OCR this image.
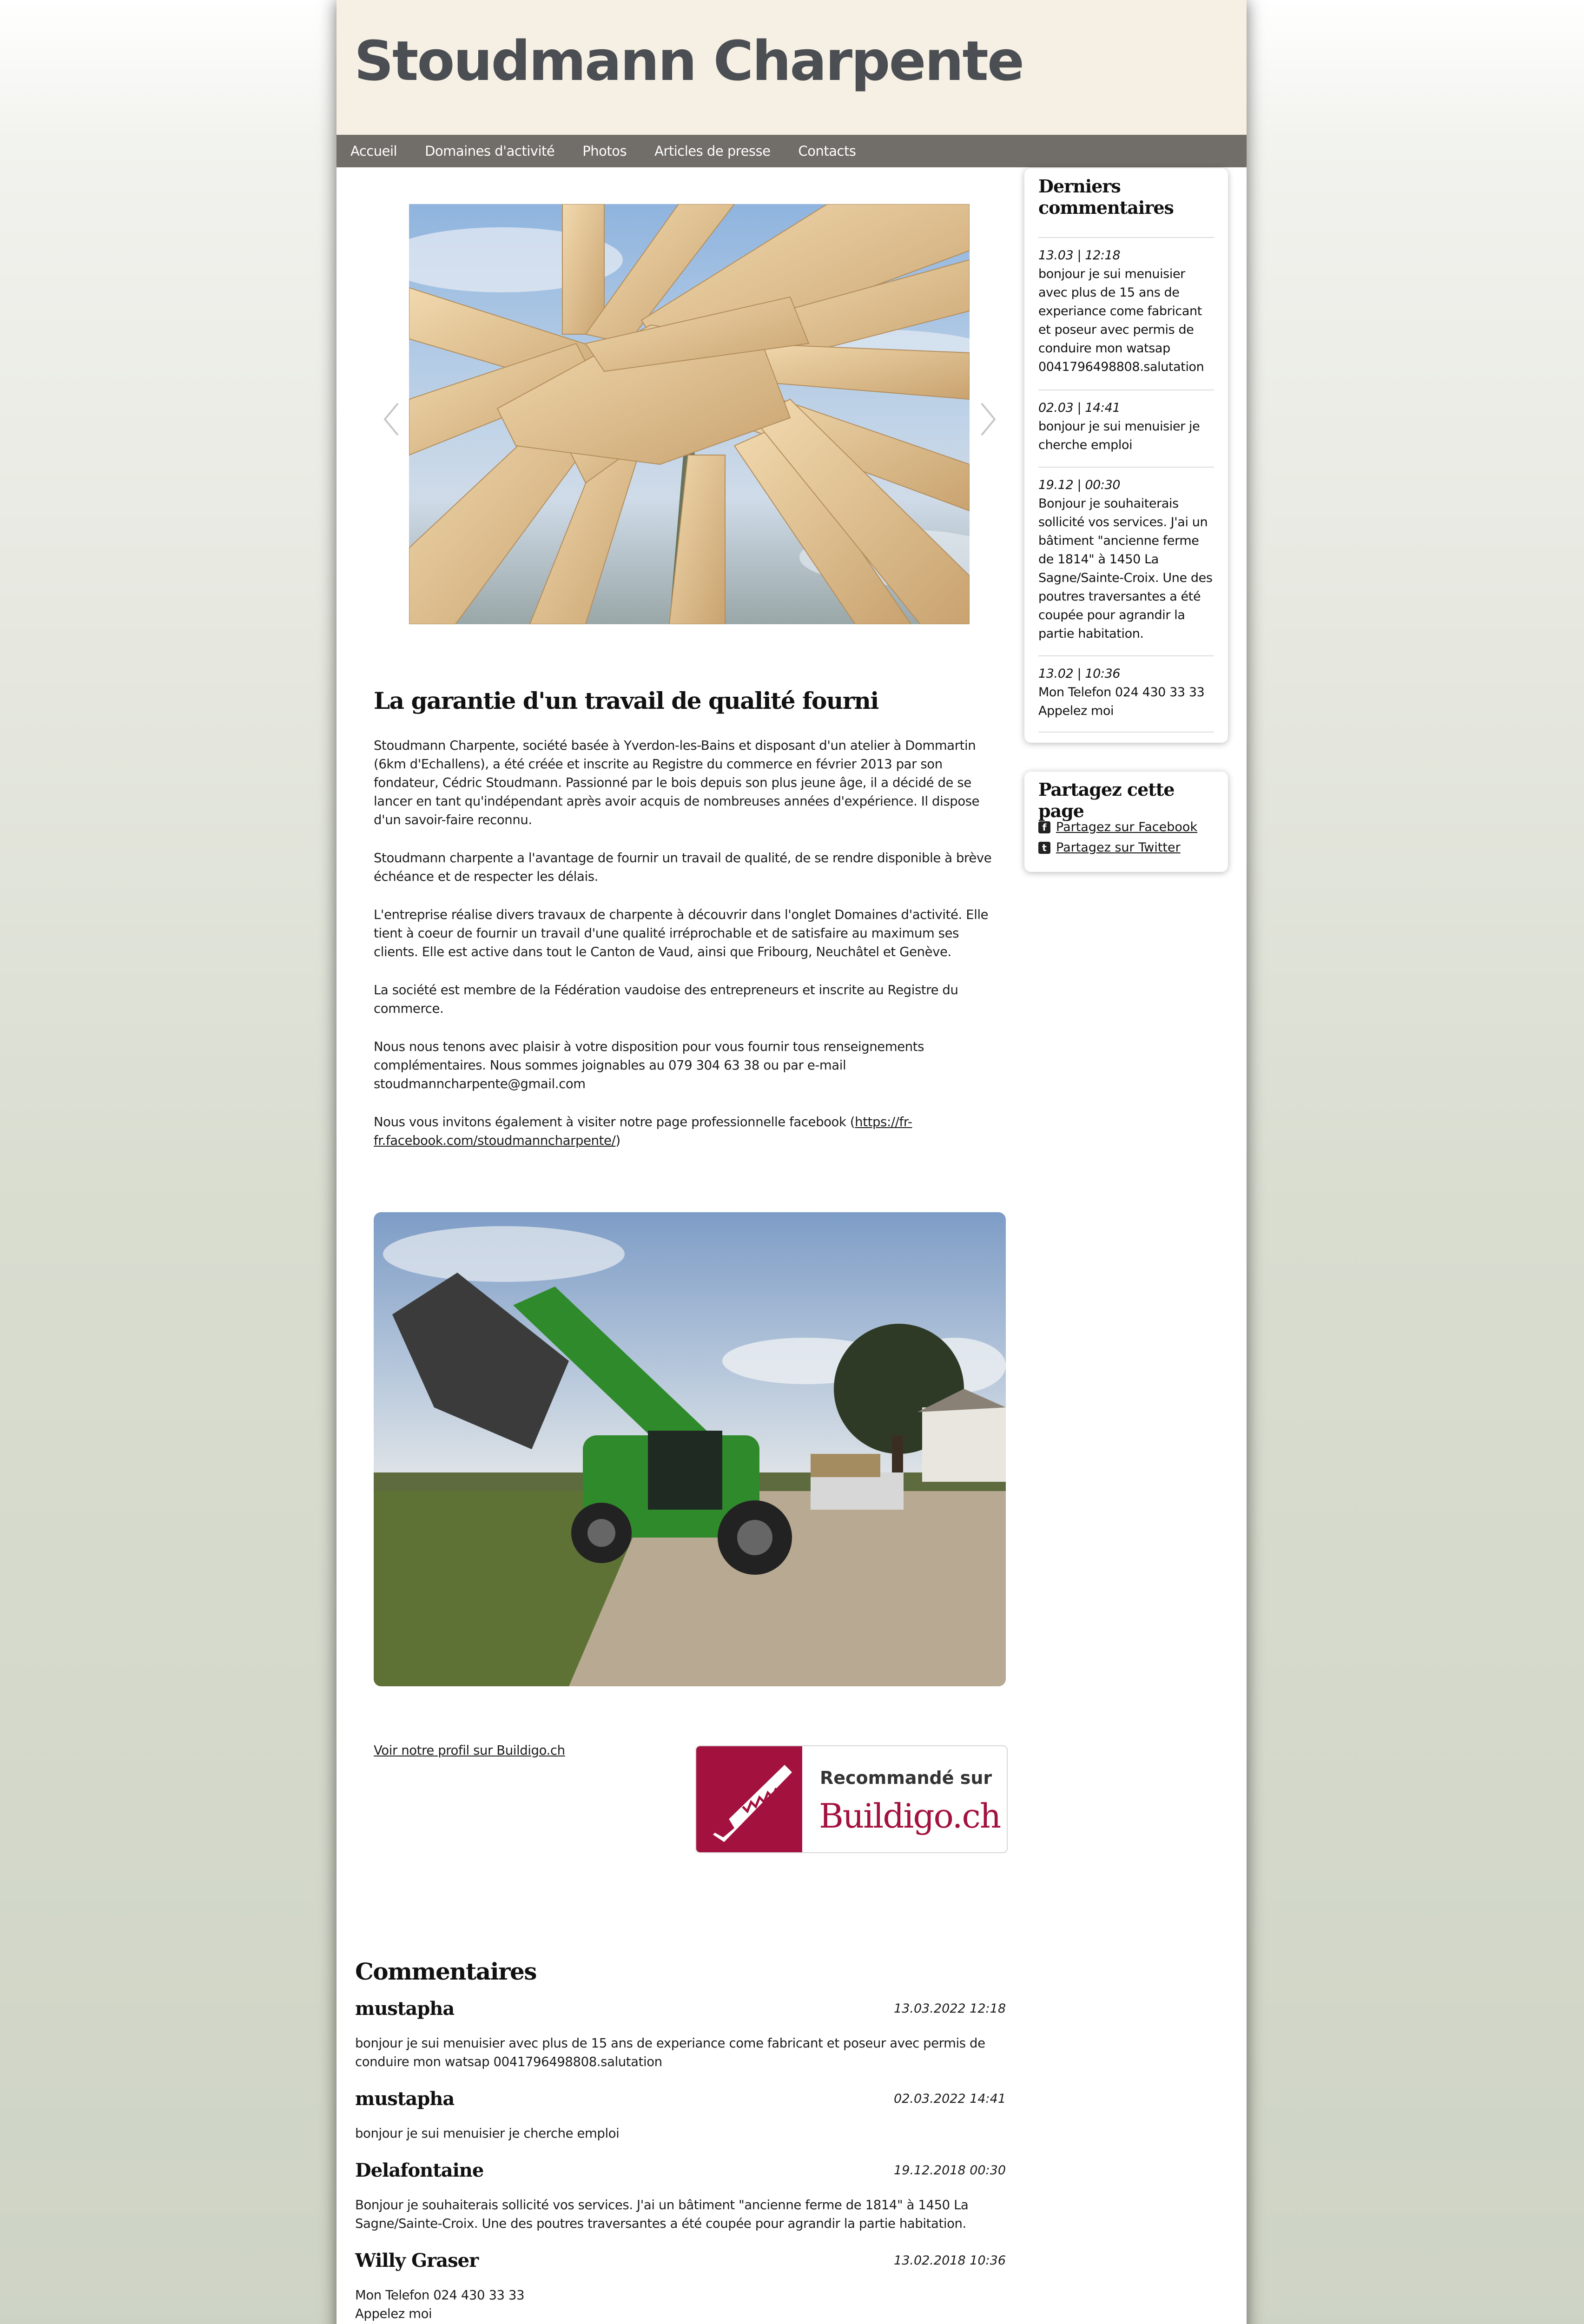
Stoudmann Charpente
Accueil Domaines d'activité Photos Articles de presse Contacts
La garantie d'un travail de qualité fourni

Stoudmann Charpente, société basée à Yverdon-les-Bains et disposant d'un atelier à Dommartin (6km d'Echallens), a été créée et inscrite au Registre du commerce en février 2013 par son fondateur, Cédric Stoudmann. Passionné par le bois depuis son plus jeune âge, il a décidé de se lancer en tant qu'indépendant après avoir acquis de nombreuses années d'expérience. Il dispose d'un savoir-faire reconnu.

Stoudmann charpente a l'avantage de fournir un travail de qualité, de se rendre disponible à brève échéance et de respecter les délais.

L'entreprise réalise divers travaux de charpente à découvrir dans l'onglet Domaines d'activité. Elle tient à coeur de fournir un travail d'une qualité irréprochable et de satisfaire au maximum ses clients. Elle est active dans tout le Canton de Vaud, ainsi que Fribourg, Neuchâtel et Genève.

La société est membre de la Fédération vaudoise des entrepreneurs et inscrite au Registre du commerce.

Nous nous tenons avec plaisir à votre disposition pour vous fournir tous renseignements complémentaires. Nous sommes joignables au 079 304 63 38 ou par e-mail stoudmanncharpente@gmail.com

Nous vous invitons également à visiter notre page professionnelle facebook (https://fr-fr.facebook.com/stoudmanncharpente/)

Voir notre profil sur Buildigo.ch
Recommandé sur
Buildigo.ch
Commentaires
mustapha	13.03.2022 12:18
bonjour je sui menuisier avec plus de 15 ans de experiance come fabricant et poseur avec permis de conduire mon watsap 0041796498808.salutation
mustapha	02.03.2022 14:41
bonjour je sui menuisier je cherche emploi
Delafontaine	19.12.2018 00:30
Bonjour je souhaiterais sollicité vos services. J'ai un bâtiment "ancienne ferme de 1814" à 1450 La Sagne/Sainte-Croix. Une des poutres traversantes a été coupée pour agrandir la partie habitation.
Willy Graser	13.02.2018 10:36
Mon Telefon 024 430 33 33
Appelez moi
Derniers commentaires
13.03 | 12:18
bonjour je sui menuisier avec plus de 15 ans de experiance come fabricant et poseur avec permis de conduire mon watsap 0041796498808.salutation
02.03 | 14:41
bonjour je sui menuisier je cherche emploi
19.12 | 00:30
Bonjour je souhaiterais sollicité vos services. J'ai un bâtiment "ancienne ferme de 1814" à 1450 La Sagne/Sainte-Croix. Une des poutres traversantes a été coupée pour agrandir la partie habitation.
13.02 | 10:36
Mon Telefon 024 430 33 33 Appelez moi
Partagez cette page
f Partagez sur Facebook
t Partagez sur Twitter
